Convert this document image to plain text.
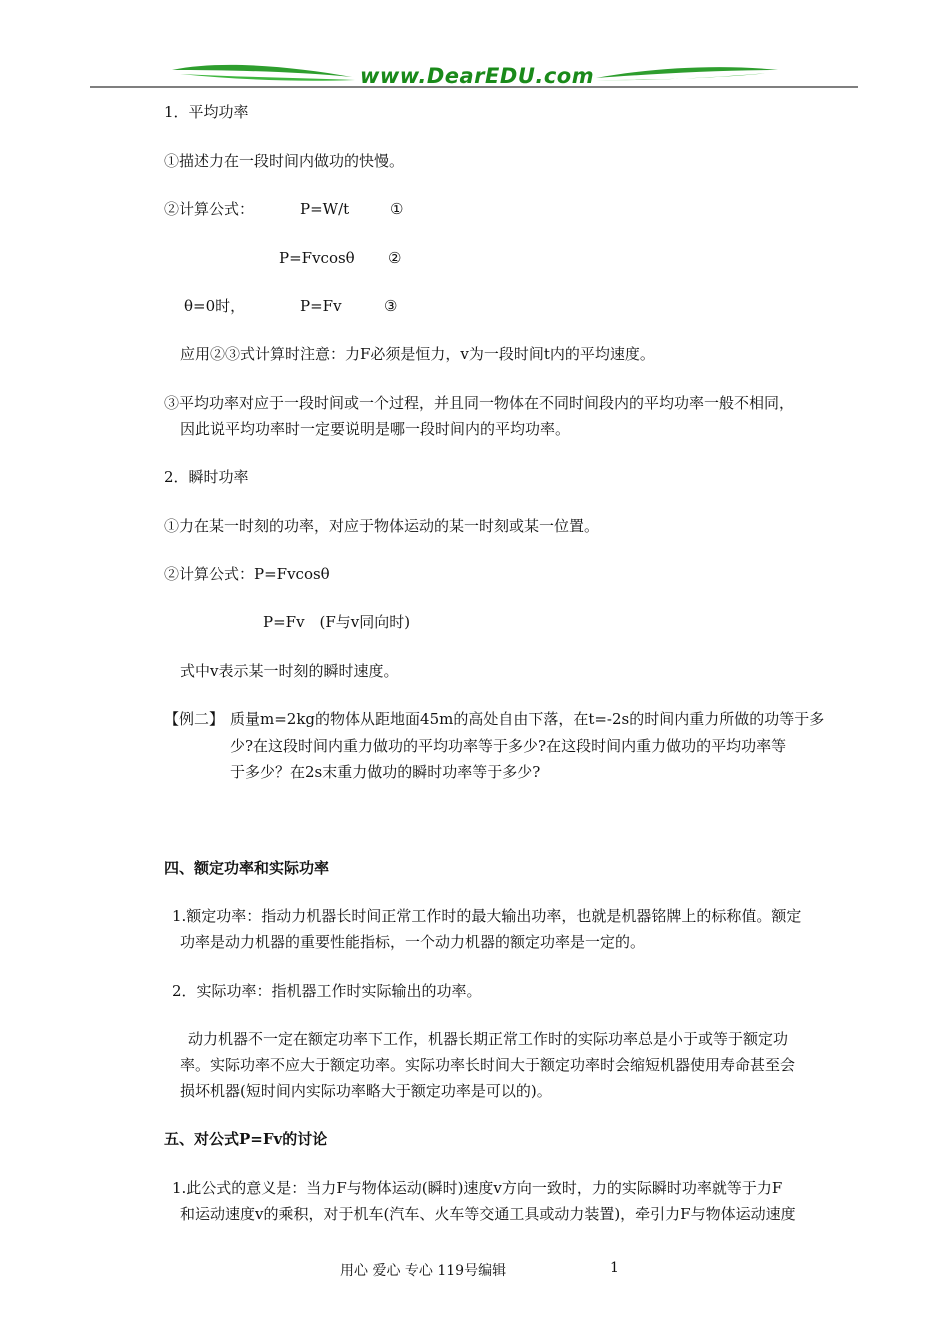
www.DearEDU.com
1．平均功率
①描述力在一段时间内做功的快慢。
②计算公式：	P=W/t	①
P=Fvcosθ ②
θ=0时，	P=Fv	③
应用②③式计算时注意：力F必须是恒力，v为一段时间t内的平均速度。
③平均功率对应于一段时间或一个过程，并且同一物体在不同时间段内的平均功率一般不相同，
因此说平均功率时一定要说明是哪一段时间内的平均功率。
2．瞬时功率
①力在某一时刻的功率，对应于物体运动的某一时刻或某一位置。
②计算公式：P=Fvcosθ
P=Fv　(F与v同向时)
式中v表示某一时刻的瞬时速度。
【例二】 质量m=2kg的物体从距地面45m的高处自由下落，在t=-2s的时间内重力所做的功等于多
少?在这段时间内重力做功的平均功率等于多少?在这段时间内重力做功的平均功率等
于多少？在2s末重力做功的瞬时功率等于多少?
四、额定功率和实际功率
1.额定功率：指动力机器长时间正常工作时的最大输出功率，也就是机器铭牌上的标称值。额定
功率是动力机器的重要性能指标，一个动力机器的额定功率是一定的。
2．实际功率：指机器工作时实际输出的功率。
动力机器不一定在额定功率下工作，机器长期正常工作时的实际功率总是小于或等于额定功
率。实际功率不应大于额定功率。实际功率长时间大于额定功率时会缩短机器使用寿命甚至会
损坏机器(短时间内实际功率略大于额定功率是可以的)。
五、对公式P=Fv的讨论
1.此公式的意义是：当力F与物体运动(瞬时)速度v方向一致时，力的实际瞬时功率就等于力F
和运动速度v的乘积，对于机车(汽车、火车等交通工具或动力装置)，牵引力F与物体运动速度
用心 爱心 专心 119号编辑	1
